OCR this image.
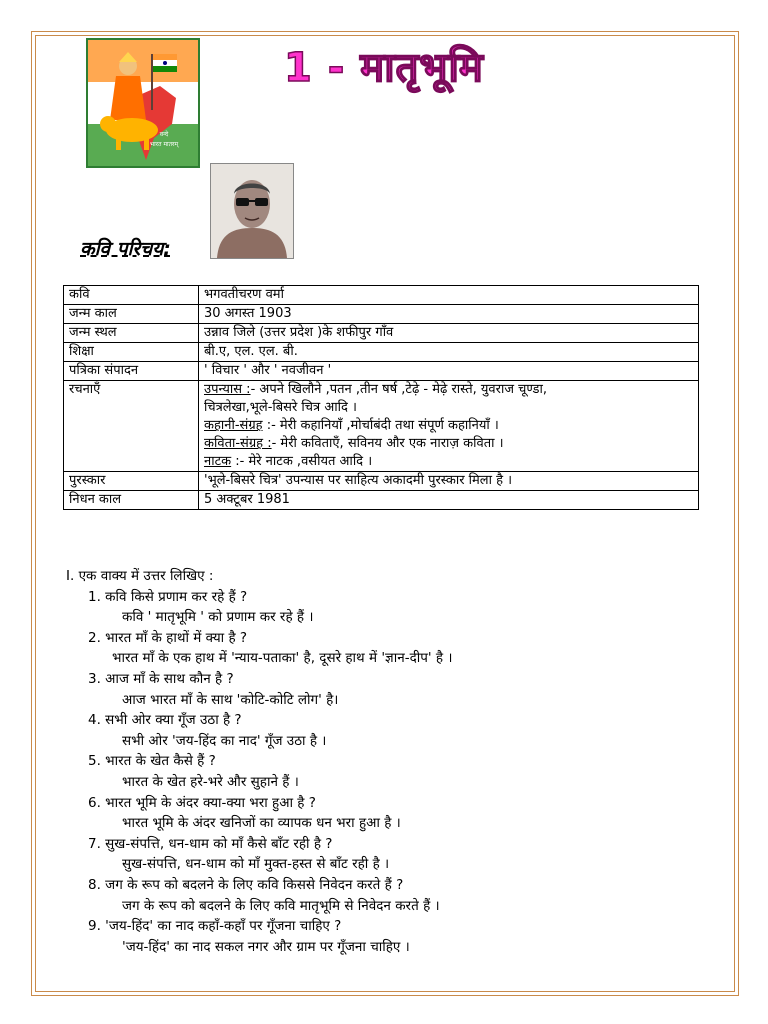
वन्दे
भारत मातरम्
1 - मातृभूमि
कवि परिचय:
कवि	भगवतीचरण वर्मा
जन्म काल	30 अगस्त 1903
जन्म स्थल	उन्नाव जिले (उत्तर प्रदेश )के शफीपुर गाँव
शिक्षा	बी.ए, एल. एल. बी.
पत्रिका संपादन	' विचार ' और ' नवजीवन '
रचनाएँ	उपन्यास :- अपने खिलौने ,पतन ,तीन षर्ष ,टेढ़े - मेढ़े रास्ते, युवराज चूण्डा,
चित्रलेखा,भूले-बिसरे चित्र आदि ।
कहानी-संग्रह :- मेरी कहानियाँ ,मोर्चाबंदी तथा संपूर्ण कहानियाँ ।
कविता-संग्रह :- मेरी कविताएँ, सविनय और एक नाराज़ कविता ।
नाटक :- मेरे नाटक ,वसीयत आदि ।

पुरस्कार	'भूले-बिसरे चित्र' उपन्यास पर साहित्य अकादमी पुरस्कार मिला है ।
निधन काल	5 अक्टूबर 1981

I. एक वाक्य में उत्तर लिखिए :

1. कवि किसे प्रणाम कर रहे हैं ?

कवि ' मातृभूमि ' को प्रणाम कर रहे हैं ।

2. भारत माँ के हाथों में क्या है ?

भारत माँ के एक हाथ में 'न्याय-पताका' है, दूसरे हाथ में 'ज्ञान-दीप' है ।

3. आज माँ के साथ कौन है ?

आज भारत माँ के साथ 'कोटि-कोटि लोग' है।

4. सभी ओर क्या गूँज उठा है ?

सभी ओर 'जय-हिंद का नाद' गूँज उठा है ।

5. भारत के खेत कैसे हैं ?

भारत के खेत हरे-भरे और सुहाने हैं ।

6. भारत भूमि के अंदर क्या-क्या भरा हुआ है ?

भारत भूमि के अंदर खनिजों का व्यापक धन भरा हुआ है ।

7. सुख-संपत्ति, धन-धाम को माँ कैसे बाँट रही है ?

सुख-संपत्ति, धन-धाम को माँ मुक्त-हस्त से बाँट रही है ।

8. जग के रूप को बदलने के लिए कवि किससे निवेदन करते हैं ?

जग के रूप को बदलने के लिए कवि मातृभूमि से निवेदन करते हैं ।

9. 'जय-हिंद' का नाद कहाँ-कहाँ पर गूँजना चाहिए ?

'जय-हिंद' का नाद सकल नगर और ग्राम पर गूँजना चाहिए ।
